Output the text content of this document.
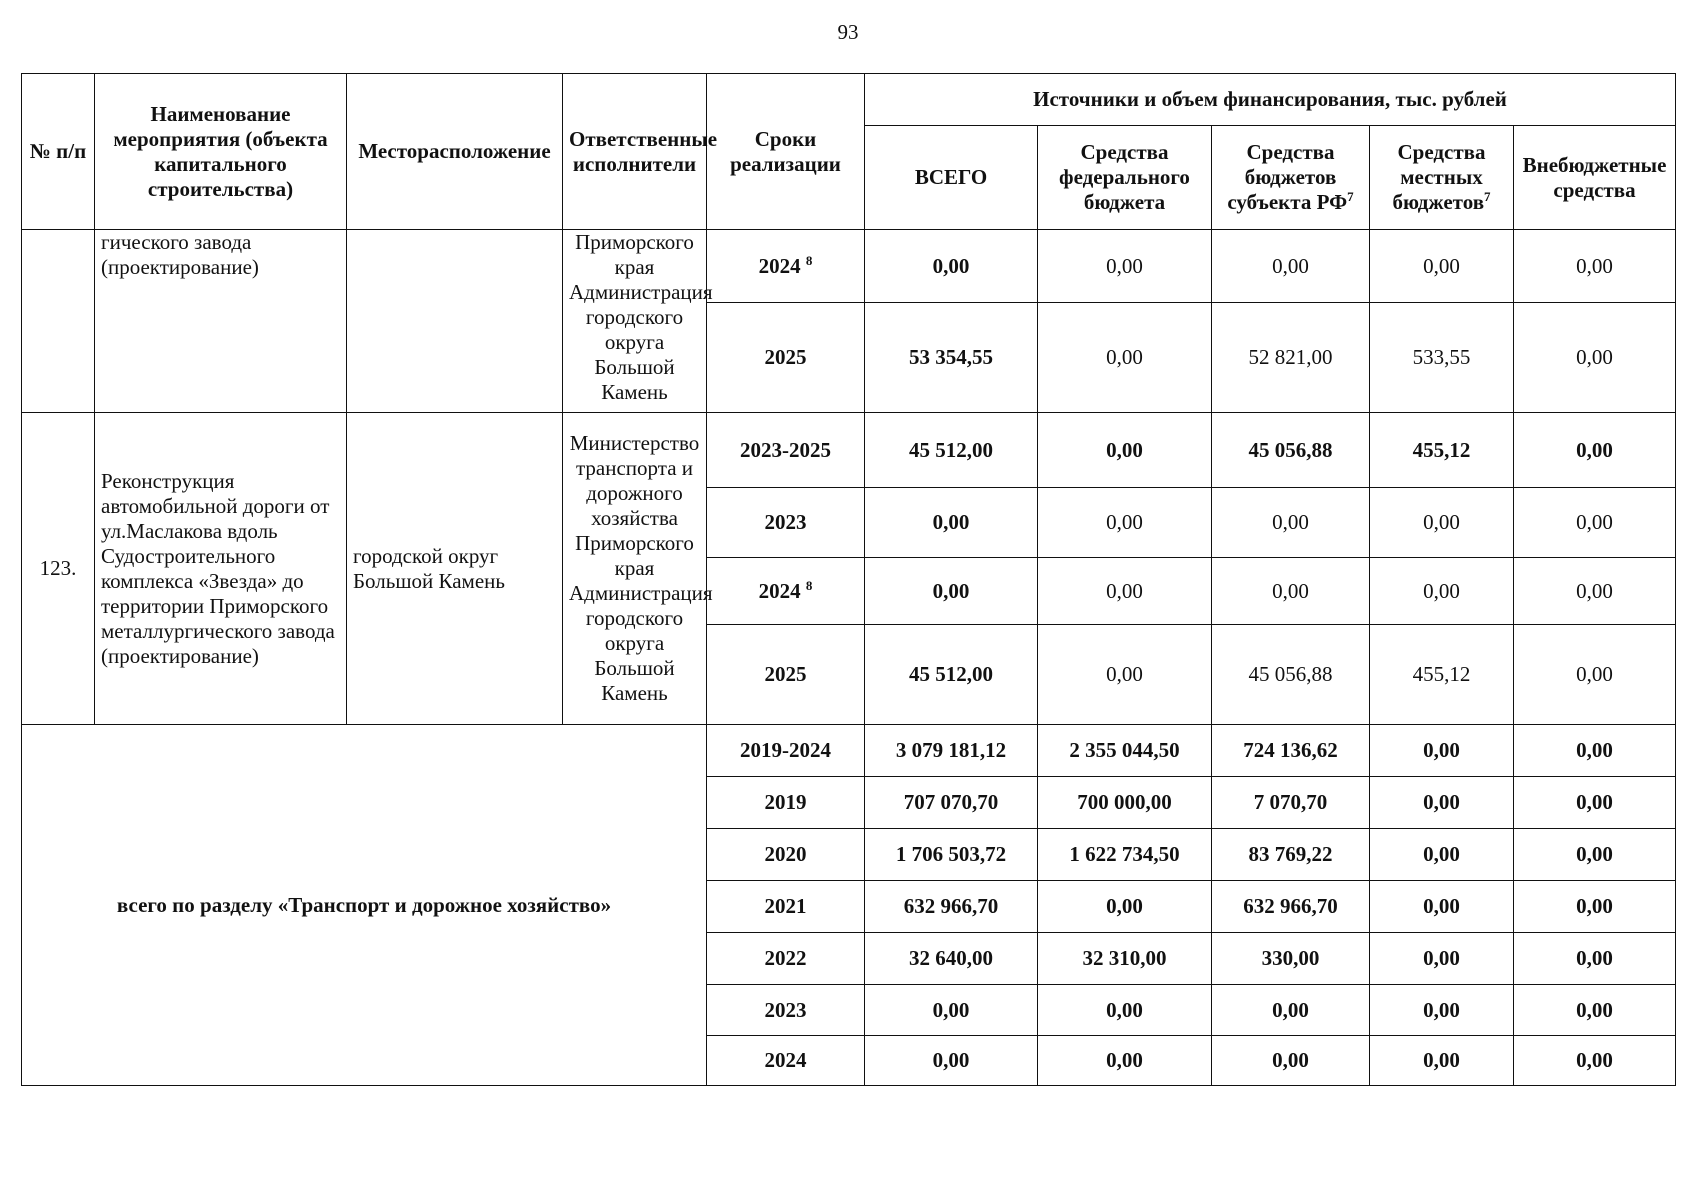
93
№ п/п	Наименование мероприятия (объекта капитального строительства)	Месторасположение	Ответственные исполнители	Сроки реализации	Источники и объем финансирования, тыс. рублей				
					ВСЕГО	Средства федерального бюджета	Средства бюджетов субъекта $РФ^7$	Средства местных бюджетов$^7$	Внебюджетные средства
	гического завода (проектирование)		Приморского края Администрация городского округа Большой Камень	2024 $^8$	0,00	0,00	0,00	0,00	0,00
				2025	53 354,55	0,00	52 821,00	533,55	0,00
123.	Реконструкция автомобильной дороги от ул.Маслакова вдоль Судостроительного комплекса «Звезда» до территории Приморского металлургического завода (проектирование)	городской округ Большой Камень	Министерство транспорта и дорожного хозяйства Приморского края Администрация городского округа Большой Камень	2023-2025	45 512,00	0,00	45 056,88	455,12	0,00
				2023	0,00	0,00	0,00	0,00	0,00
				2024 $^8$	0,00	0,00	0,00	0,00	0,00
				2025	45 512,00	0,00	45 056,88	455,12	0,00
всего по разделу «Транспорт и дорожное хозяйство»				2019-2024	3 079 181,12	2 355 044,50	724 136,62	0,00	0,00
				2019	707 070,70	700 000,00	7 070,70	0,00	0,00
				2020	1 706 503,72	1 622 734,50	83 769,22	0,00	0,00
				2021	632 966,70	0,00	632 966,70	0,00	0,00
				2022	32 640,00	32 310,00	330,00	0,00	0,00
				2023	0,00	0,00	0,00	0,00	0,00
				2024	0,00	0,00	0,00	0,00	0,00
